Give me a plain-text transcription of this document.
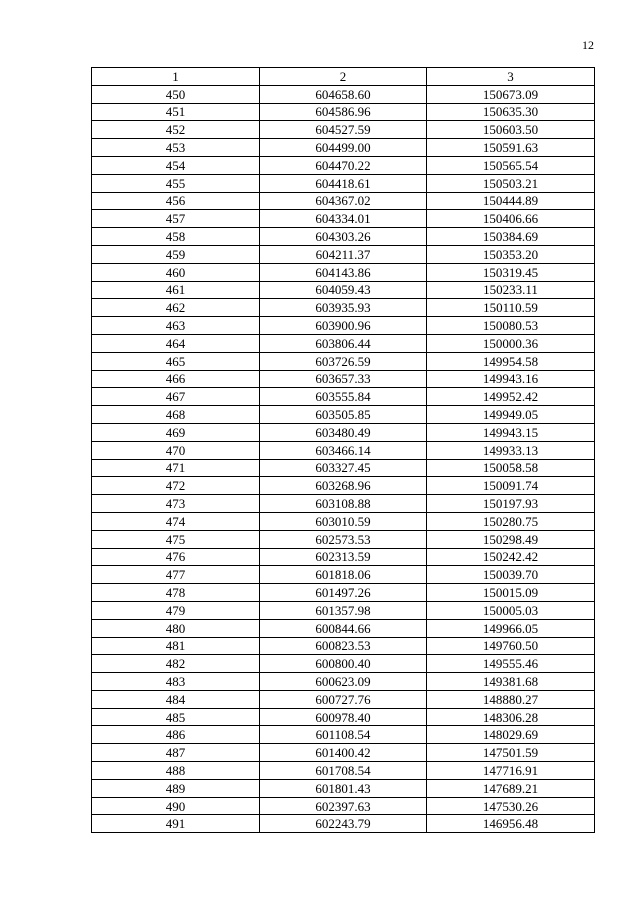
12
1	2	3
450	604658.60	150673.09
451	604586.96	150635.30
452	604527.59	150603.50
453	604499.00	150591.63
454	604470.22	150565.54
455	604418.61	150503.21
456	604367.02	150444.89
457	604334.01	150406.66
458	604303.26	150384.69
459	604211.37	150353.20
460	604143.86	150319.45
461	604059.43	150233.11
462	603935.93	150110.59
463	603900.96	150080.53
464	603806.44	150000.36
465	603726.59	149954.58
466	603657.33	149943.16
467	603555.84	149952.42
468	603505.85	149949.05
469	603480.49	149943.15
470	603466.14	149933.13
471	603327.45	150058.58
472	603268.96	150091.74
473	603108.88	150197.93
474	603010.59	150280.75
475	602573.53	150298.49
476	602313.59	150242.42
477	601818.06	150039.70
478	601497.26	150015.09
479	601357.98	150005.03
480	600844.66	149966.05
481	600823.53	149760.50
482	600800.40	149555.46
483	600623.09	149381.68
484	600727.76	148880.27
485	600978.40	148306.28
486	601108.54	148029.69
487	601400.42	147501.59
488	601708.54	147716.91
489	601801.43	147689.21
490	602397.63	147530.26
491	602243.79	146956.48
